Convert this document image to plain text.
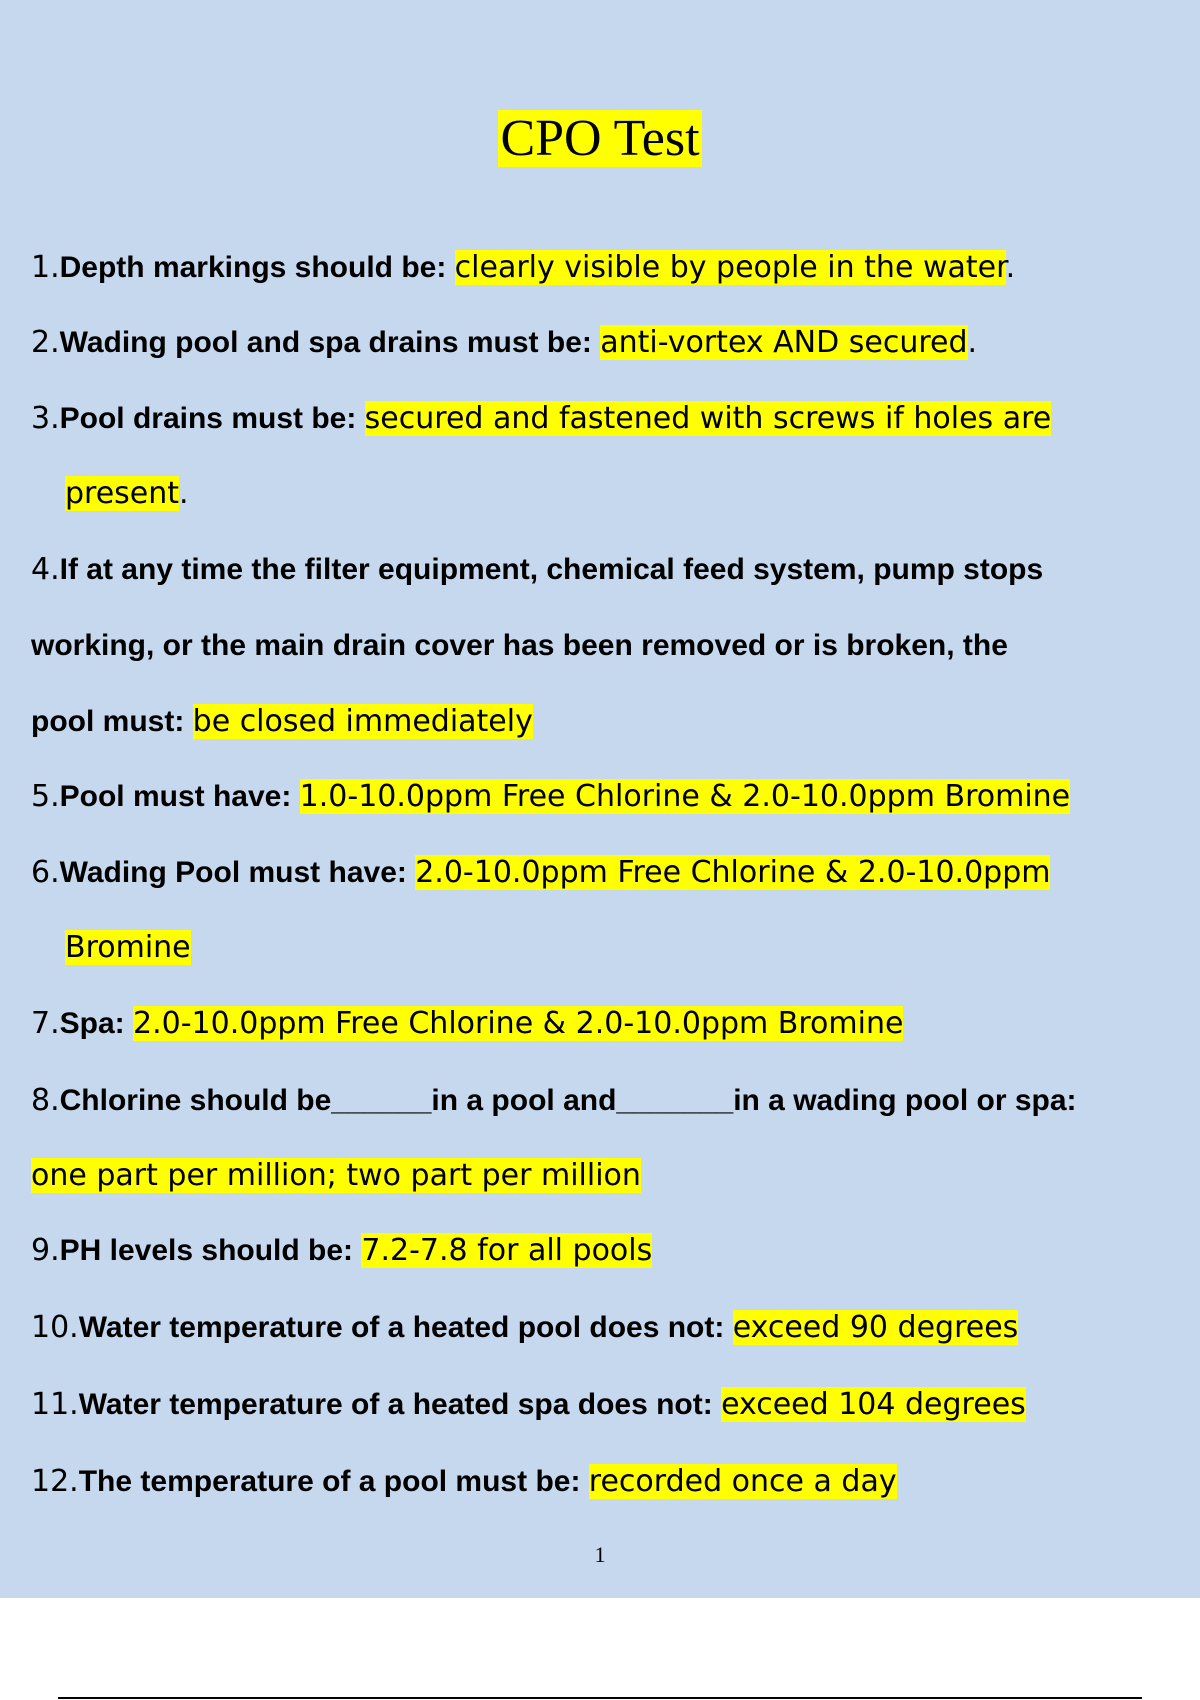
CPO Test
1.Depth markings should be: clearly visible by people in the water.
2.Wading pool and spa drains must be: anti-vortex AND secured.
3.Pool drains must be: secured and fastened with screws if holes are
present.
4.If at any time the filter equipment, chemical feed system, pump stops
working, or the main drain cover has been removed or is broken, the
pool must: be closed immediately
5.Pool must have: 1.0-10.0ppm Free Chlorine & 2.0-10.0ppm Bromine
6.Wading Pool must have: 2.0-10.0ppm Free Chlorine & 2.0-10.0ppm
Bromine
7.Spa: 2.0-10.0ppm Free Chlorine & 2.0-10.0ppm Bromine
8.Chlorine should be______in a pool and_______in a wading pool or spa:
one part per million; two part per million
9.PH levels should be: 7.2-7.8 for all pools
10.Water temperature of a heated pool does not: exceed 90 degrees
11.Water temperature of a heated spa does not: exceed 104 degrees
12.The temperature of a pool must be: recorded once a day
1
